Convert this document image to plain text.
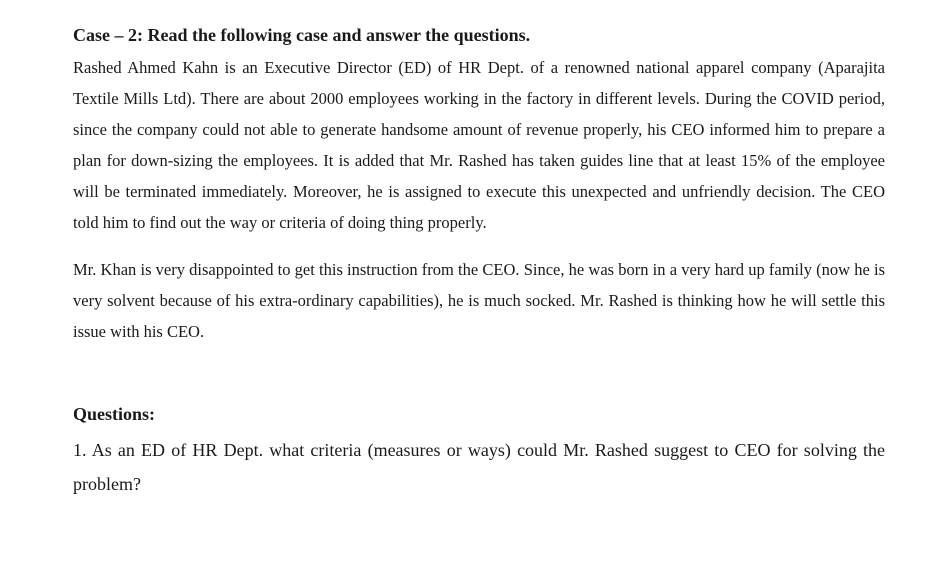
Case – 2: Read the following case and answer the questions.

Rashed Ahmed Kahn is an Executive Director (ED) of HR Dept. of a renowned national apparel company (Aparajita Textile Mills Ltd). There are about 2000 employees working in the factory in different levels. During the COVID period, since the company could not able to generate handsome amount of revenue properly, his CEO informed him to prepare a plan for down-sizing the employees. It is added that Mr. Rashed has taken guides line that at least 15% of the employee will be terminated immediately. Moreover, he is assigned to execute this unexpected and unfriendly decision. The CEO told him to find out the way or criteria of doing thing properly.

Mr. Khan is very disappointed to get this instruction from the CEO. Since, he was born in a very hard up family (now he is very solvent because of his extra-ordinary capabilities), he is much socked. Mr. Rashed is thinking how he will settle this issue with his CEO.

Questions:

1. As an ED of HR Dept. what criteria (measures or ways) could Mr. Rashed suggest to CEO for solving the problem?
